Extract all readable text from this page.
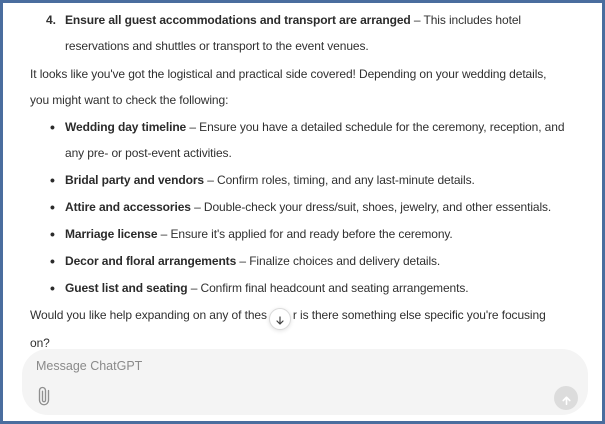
4. Ensure all guest accommodations and transport are arranged – This includes hotel
reservations and shuttles or transport to the event venues.

It looks like you've got the logistical and practical side covered! Depending on your wedding details,
you might want to check the following:

• Wedding day timeline – Ensure you have a detailed schedule for the ceremony, reception, and
any pre- or post-event activities.
• Bridal party and vendors – Confirm roles, timing, and any last-minute details.
• Attire and accessories – Double-check your dress/suit, shoes, jewelry, and other essentials.
• Marriage license – Ensure it's applied for and ready before the ceremony.
• Decor and floral arrangements – Finalize choices and delivery details.
• Guest list and seating – Confirm final headcount and seating arrangements.

Would you like help expanding on any of thes r is there something else specific you're focusing
on?

Message ChatGPT
